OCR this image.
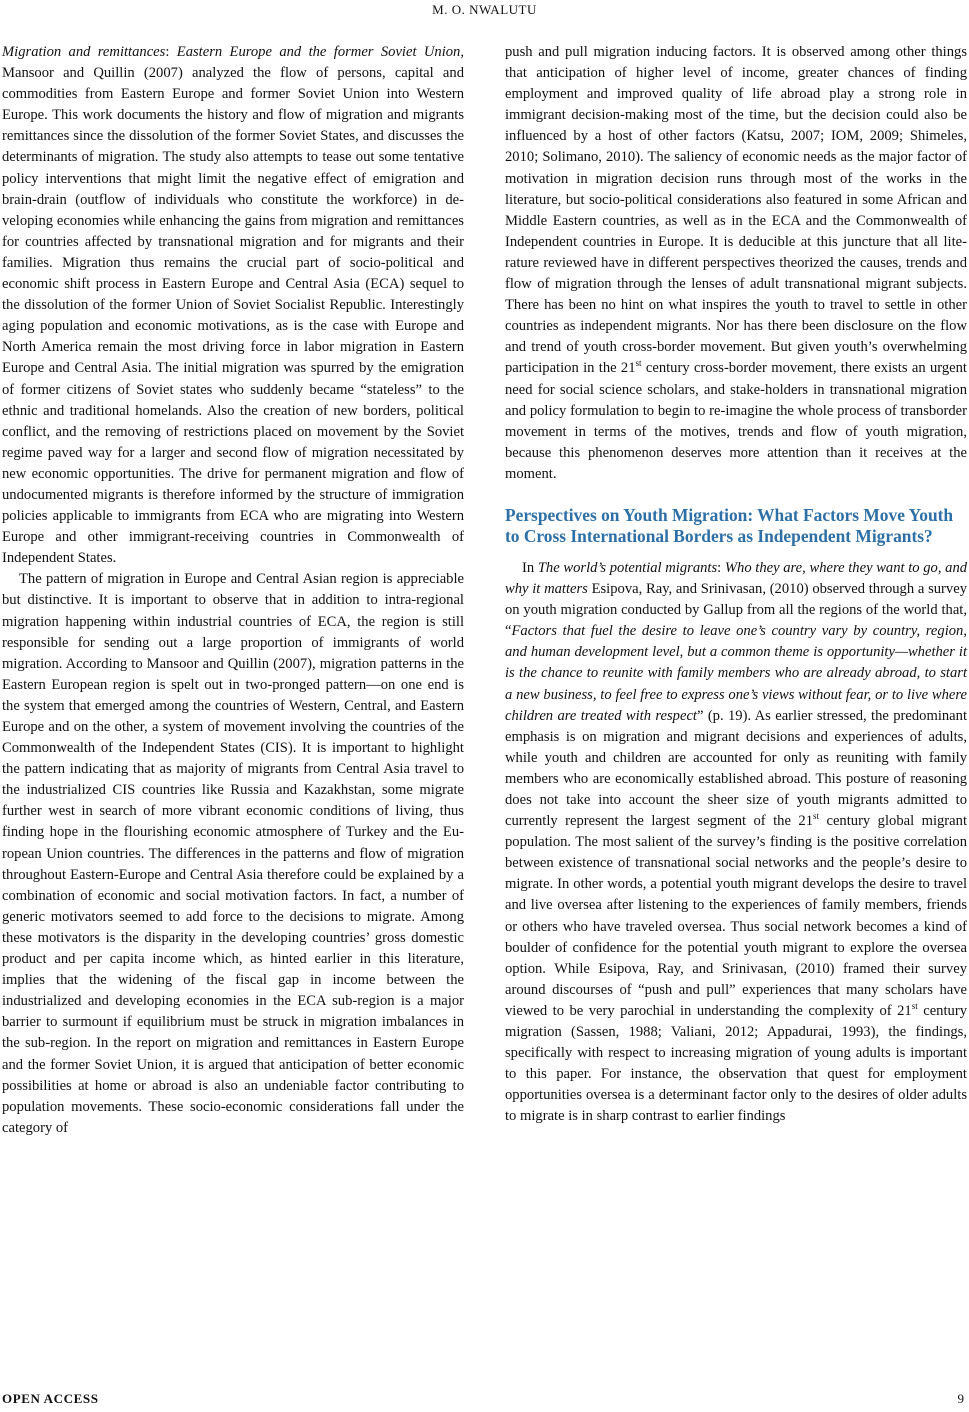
M. O. NWALUTU

Migration and remittances: Eastern Europe and the former Soviet Union, Mansoor and Quillin (2007) analyzed the flow of persons, capital and commodities from Eastern Europe and former Soviet Union into Western Europe. This work documents the history and flow of migration and migrants remittances since the dissolution of the former Soviet States, and discusses the determinants of migration. The study also attempts to tease out some tentative policy interventions that might limit the negative effect of emigration and brain-drain (outflow of individuals who constitute the workforce) in developing economies while enhancing the gains from migration and remittances for countries affected by transnational migration and for migrants and their families. Migration thus remains the crucial part of socio-political and economic shift process in Eastern Europe and Central Asia (ECA) sequel to the dissolution of the former Union of Soviet Socialist Republic. Interestingly aging population and economic motivations, as is the case with Europe and North America remain the most driving force in labor migration in Eastern Europe and Central Asia. The initial migration was spurred by the emigration of former citizens of Soviet states who suddenly became “stateless” to the ethnic and traditional homelands. Also the creation of new borders, political conflict, and the removing of restrictions placed on movement by the Soviet regime paved way for a larger and second flow of migration necessitated by new economic opportunities. The drive for permanent migration and flow of undocumented migrants is therefore informed by the structure of immigration policies applicable to immigrants from ECA who are migrating into Western Europe and other immigrant-receiving countries in Commonwealth of Independent States.

The pattern of migration in Europe and Central Asian region is appreciable but distinctive. It is important to observe that in addition to intra-regional migration happening within industrial countries of ECA, the region is still responsible for sending out a large proportion of immigrants of world migration. According to Mansoor and Quillin (2007), migration patterns in the Eastern European region is spelt out in two-pronged pattern—on one end is the system that emerged among the countries of Western, Central, and Eastern Europe and on the other, a system of movement involving the countries of the Commonwealth of the Independent States (CIS). It is important to highlight the pattern indicating that as majority of migrants from Central Asia travel to the industrialized CIS countries like Russia and Kazakhstan, some migrate further west in search of more vibrant economic conditions of living, thus finding hope in the flourishing economic atmosphere of Turkey and the European Union countries. The differences in the patterns and flow of migration throughout Eastern-Europe and Central Asia therefore could be explained by a combination of economic and social motivation factors. In fact, a number of generic motivators seemed to add force to the decisions to migrate. Among these motivators is the disparity in the developing countries’ gross domestic product and per capita income which, as hinted earlier in this literature, implies that the widening of the fiscal gap in income between the industrialized and developing economies in the ECA sub-region is a major barrier to surmount if equilibrium must be struck in migration imbalances in the sub-region. In the report on migration and remittances in Eastern Europe and the former Soviet Union, it is argued that anticipation of better economic possibilities at home or abroad is also an undeniable factor contributing to population movements. These socio-economic considerations fall under the category of

push and pull migration inducing factors. It is observed among other things that anticipation of higher level of income, greater chances of finding employment and improved quality of life abroad play a strong role in immigrant decision-making most of the time, but the decision could also be influenced by a host of other factors (Katsu, 2007; IOM, 2009; Shimeles, 2010; Solimano, 2010). The saliency of economic needs as the major factor of motivation in migration decision runs through most of the works in the literature, but socio-political considerations also featured in some African and Middle Eastern countries, as well as in the ECA and the Commonwealth of Independent countries in Europe. It is deducible at this juncture that all literature reviewed have in different perspectives theorized the causes, trends and flow of migration through the lenses of adult transnational migrant subjects. There has been no hint on what inspires the youth to travel to settle in other countries as independent migrants. Nor has there been disclosure on the flow and trend of youth cross-border movement. But given youth’s overwhelming participation in the 21st century cross-border movement, there exists an urgent need for social science scholars, and stake-holders in transnational migration and policy formulation to begin to re-imagine the whole process of transborder movement in terms of the motives, trends and flow of youth migration, because this phenomenon deserves more attention than it receives at the moment.

Perspectives on Youth Migration: What Factors Move Youth to Cross International Borders as Independent Migrants?

In The world’s potential migrants: Who they are, where they want to go, and why it matters Esipova, Ray, and Srinivasan, (2010) observed through a survey on youth migration conducted by Gallup from all the regions of the world that, “Factors that fuel the desire to leave one’s country vary by country, region, and human development level, but a common theme is opportunity—whether it is the chance to reunite with family members who are already abroad, to start a new business, to feel free to express one’s views without fear, or to live where children are treated with respect” (p. 19). As earlier stressed, the predominant emphasis is on migration and migrant decisions and experiences of adults, while youth and children are accounted for only as reuniting with family members who are economically established abroad. This posture of reasoning does not take into account the sheer size of youth migrants admitted to currently represent the largest segment of the 21st century global migrant population. The most salient of the survey’s finding is the positive correlation between existence of transnational social networks and the people’s desire to migrate. In other words, a potential youth migrant develops the desire to travel and live oversea after listening to the experiences of family members, friends or others who have traveled oversea. Thus social network becomes a kind of boulder of confidence for the potential youth migrant to explore the oversea option. While Esipova, Ray, and Srinivasan, (2010) framed their survey around discourses of “push and pull” experiences that many scholars have viewed to be very parochial in understanding the complexity of 21st century migration (Sassen, 1988; Valiani, 2012; Appadurai, 1993), the findings, specifically with respect to increasing migration of young adults is important to this paper. For instance, the observation that quest for employment opportunities oversea is a determinant factor only to the desires of older adults to migrate is in sharp contrast to earlier findings

OPEN ACCESS	9
